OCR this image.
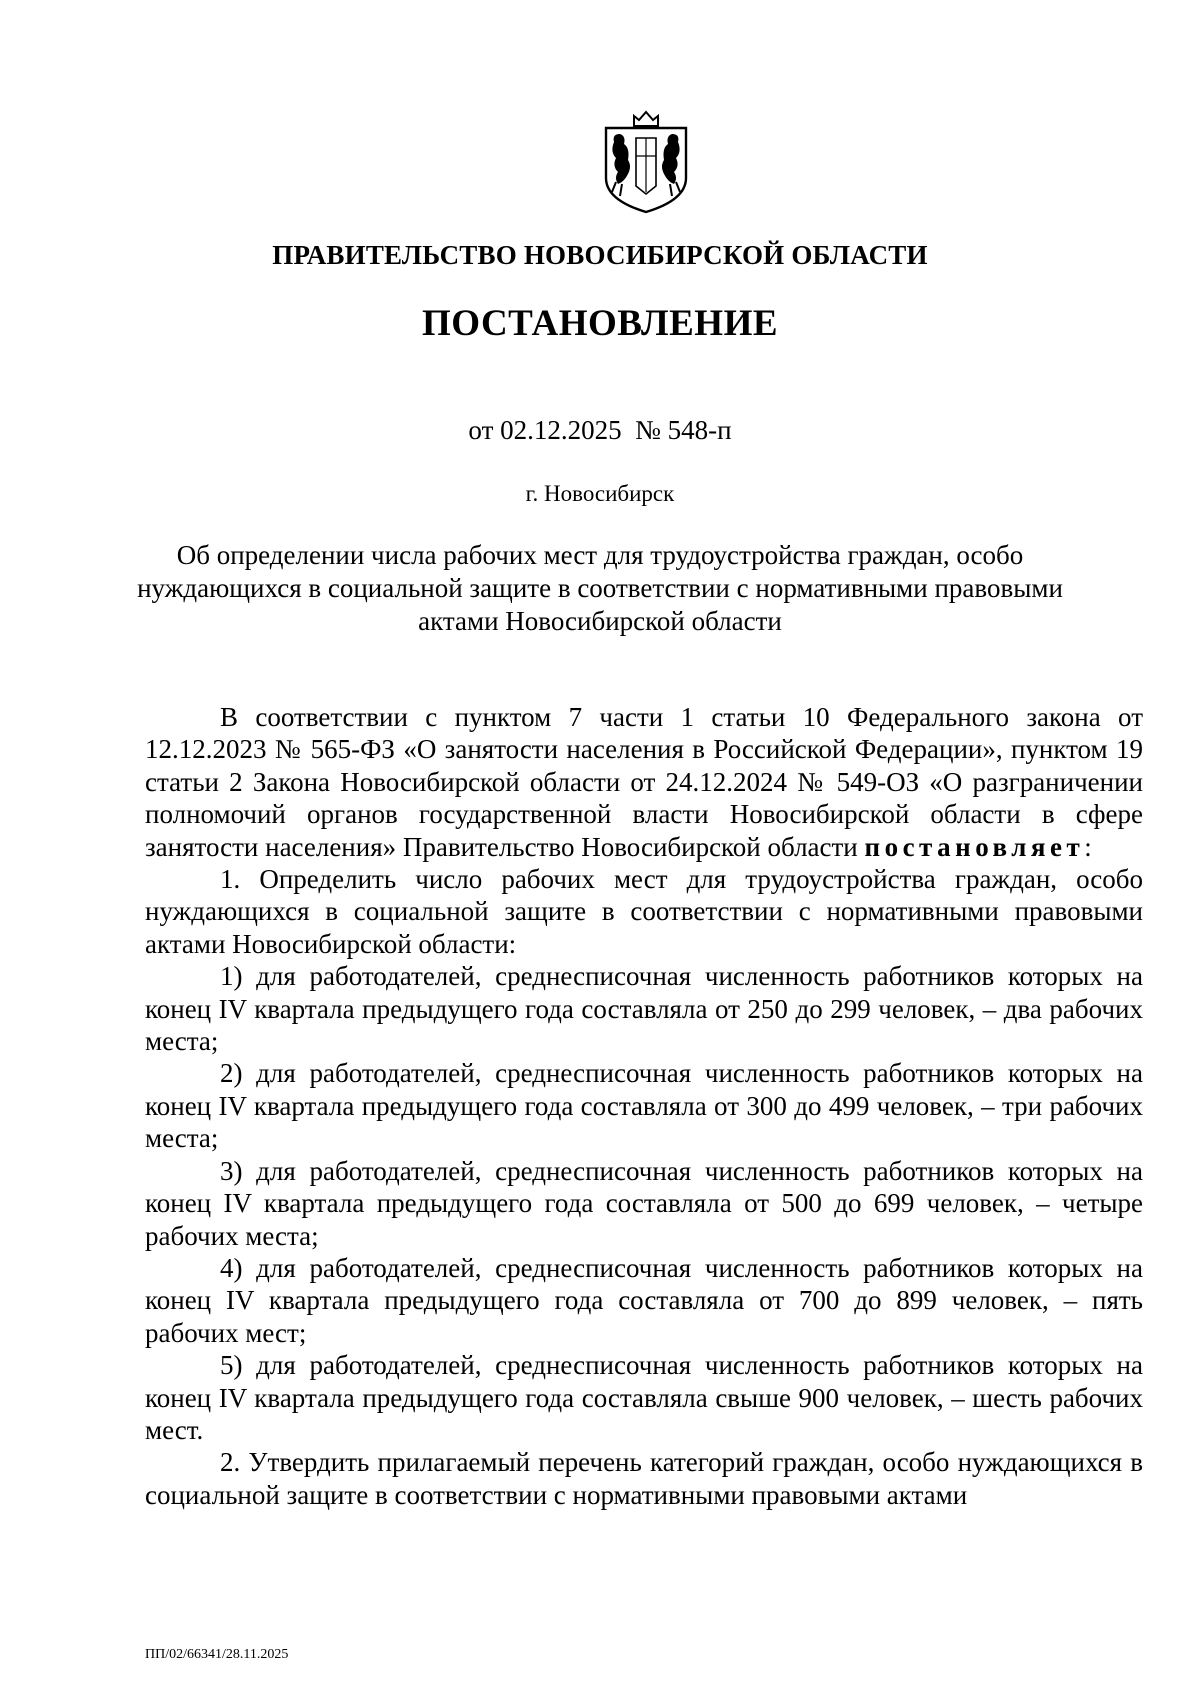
ПРАВИТЕЛЬСТВО НОВОСИБИРСКОЙ ОБЛАСТИ
ПОСТАНОВЛЕНИЕ
от 02.12.2025  № 548-п
г. Новосибирск
Об определении числа рабочих мест для трудоустройства граждан, особо
нуждающихся в социальной защите в соответствии с нормативными правовыми
актами Новосибирской области

В соответствии с пунктом 7 части 1 статьи 10 Федерального закона от 12.12.2023 № 565-ФЗ «О занятости населения в Российской Федерации», пунктом 19 статьи 2 Закона Новосибирской области от 24.12.2024 № 549-ОЗ «О разграничении полномочий органов государственной власти Новосибирской области в сфере занятости населения» Правительство Новосибирской области постановляет:

1. Определить число рабочих мест для трудоустройства граждан, особо нуждающихся в социальной защите в соответствии с нормативными правовыми актами Новосибирской области:

1) для работодателей, среднесписочная численность работников которых на конец IV квартала предыдущего года составляла от 250 до 299 человек, – два рабочих места;

2) для работодателей, среднесписочная численность работников которых на конец IV квартала предыдущего года составляла от 300 до 499 человек, – три рабочих места;

3) для работодателей, среднесписочная численность работников которых на конец IV квартала предыдущего года составляла от 500 до 699 человек, – четыре рабочих места;

4) для работодателей, среднесписочная численность работников которых на конец IV квартала предыдущего года составляла от 700 до 899 человек, – пять рабочих мест;

5) для работодателей, среднесписочная численность работников которых на конец IV квартала предыдущего года составляла свыше 900 человек, – шесть рабочих мест.

2. Утвердить прилагаемый перечень категорий граждан, особо нуждающихся в социальной защите в соответствии с нормативными правовыми актами

ПП/02/66341/28.11.2025
